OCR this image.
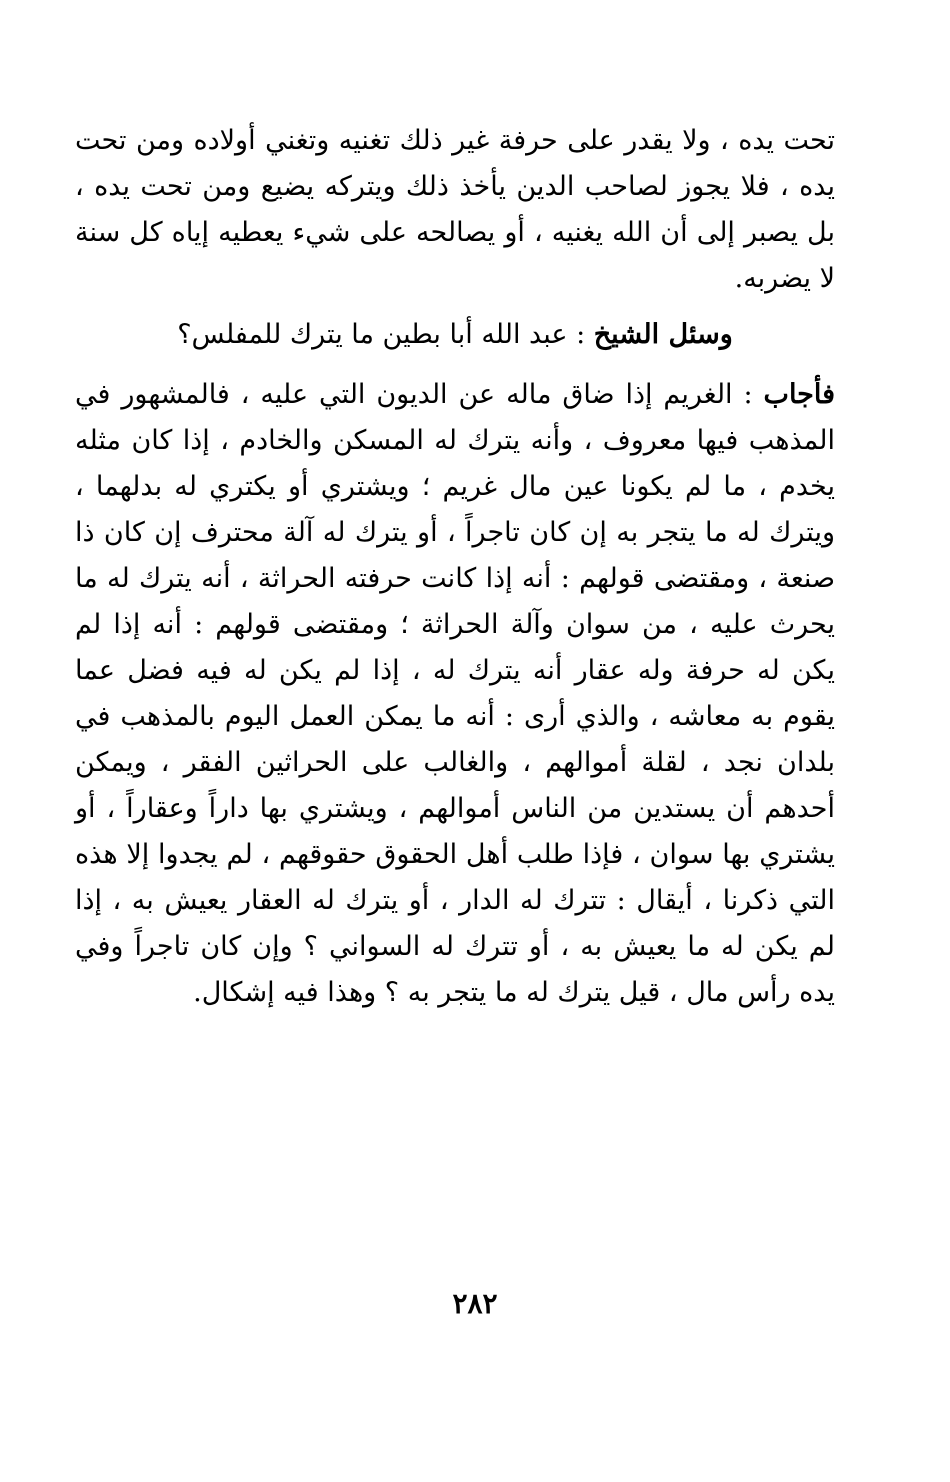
تحت يده ، ولا يقدر على حرفة غير ذلك تغنيه وتغني أولاده ومن تحت يده ، فلا يجوز لصاحب الدين يأخذ ذلك ويتركه يضيع ومن تحت يده ، بل يصبر إلى أن الله يغنيه ، أو يصالحه على شيء يعطيه إياه كل سنة لا يضربه.

وسئل الشيخ : عبد الله أبا بطين ما يترك للمفلس؟

فأجاب : الغريم إذا ضاق ماله عن الديون التي عليه ، فالمشهور في المذهب فيها معروف ، وأنه يترك له المسكن والخادم ، إذا كان مثله يخدم ، ما لم يكونا عين مال غريم ؛ ويشتري أو يكتري له بدلهما ، ويترك له ما يتجر به إن كان تاجراً ، أو يترك له آلة محترف إن كان ذا صنعة ، ومقتضى قولهم : أنه إذا كانت حرفته الحراثة ، أنه يترك له ما يحرث عليه ، من سوان وآلة الحراثة ؛ ومقتضى قولهم : أنه إذا لم يكن له حرفة وله عقار أنه يترك له ، إذا لم يكن له فيه فضل عما يقوم به معاشه ، والذي أرى : أنه ما يمكن العمل اليوم بالمذهب في بلدان نجد ، لقلة أموالهم ، والغالب على الحراثين الفقر ، ويمكن أحدهم أن يستدين من الناس أموالهم ، ويشتري بها داراً وعقاراً ، أو يشتري بها سوان ، فإذا طلب أهل الحقوق حقوقهم ، لم يجدوا إلا هذه التي ذكرنا ، أيقال : تترك له الدار ، أو يترك له العقار يعيش به ، إذا لم يكن له ما يعيش به ، أو تترك له السواني ؟ وإن كان تاجراً وفي يده رأس مال ، قيل يترك له ما يتجر به ؟ وهذا فيه إشكال.

٢٨٢
